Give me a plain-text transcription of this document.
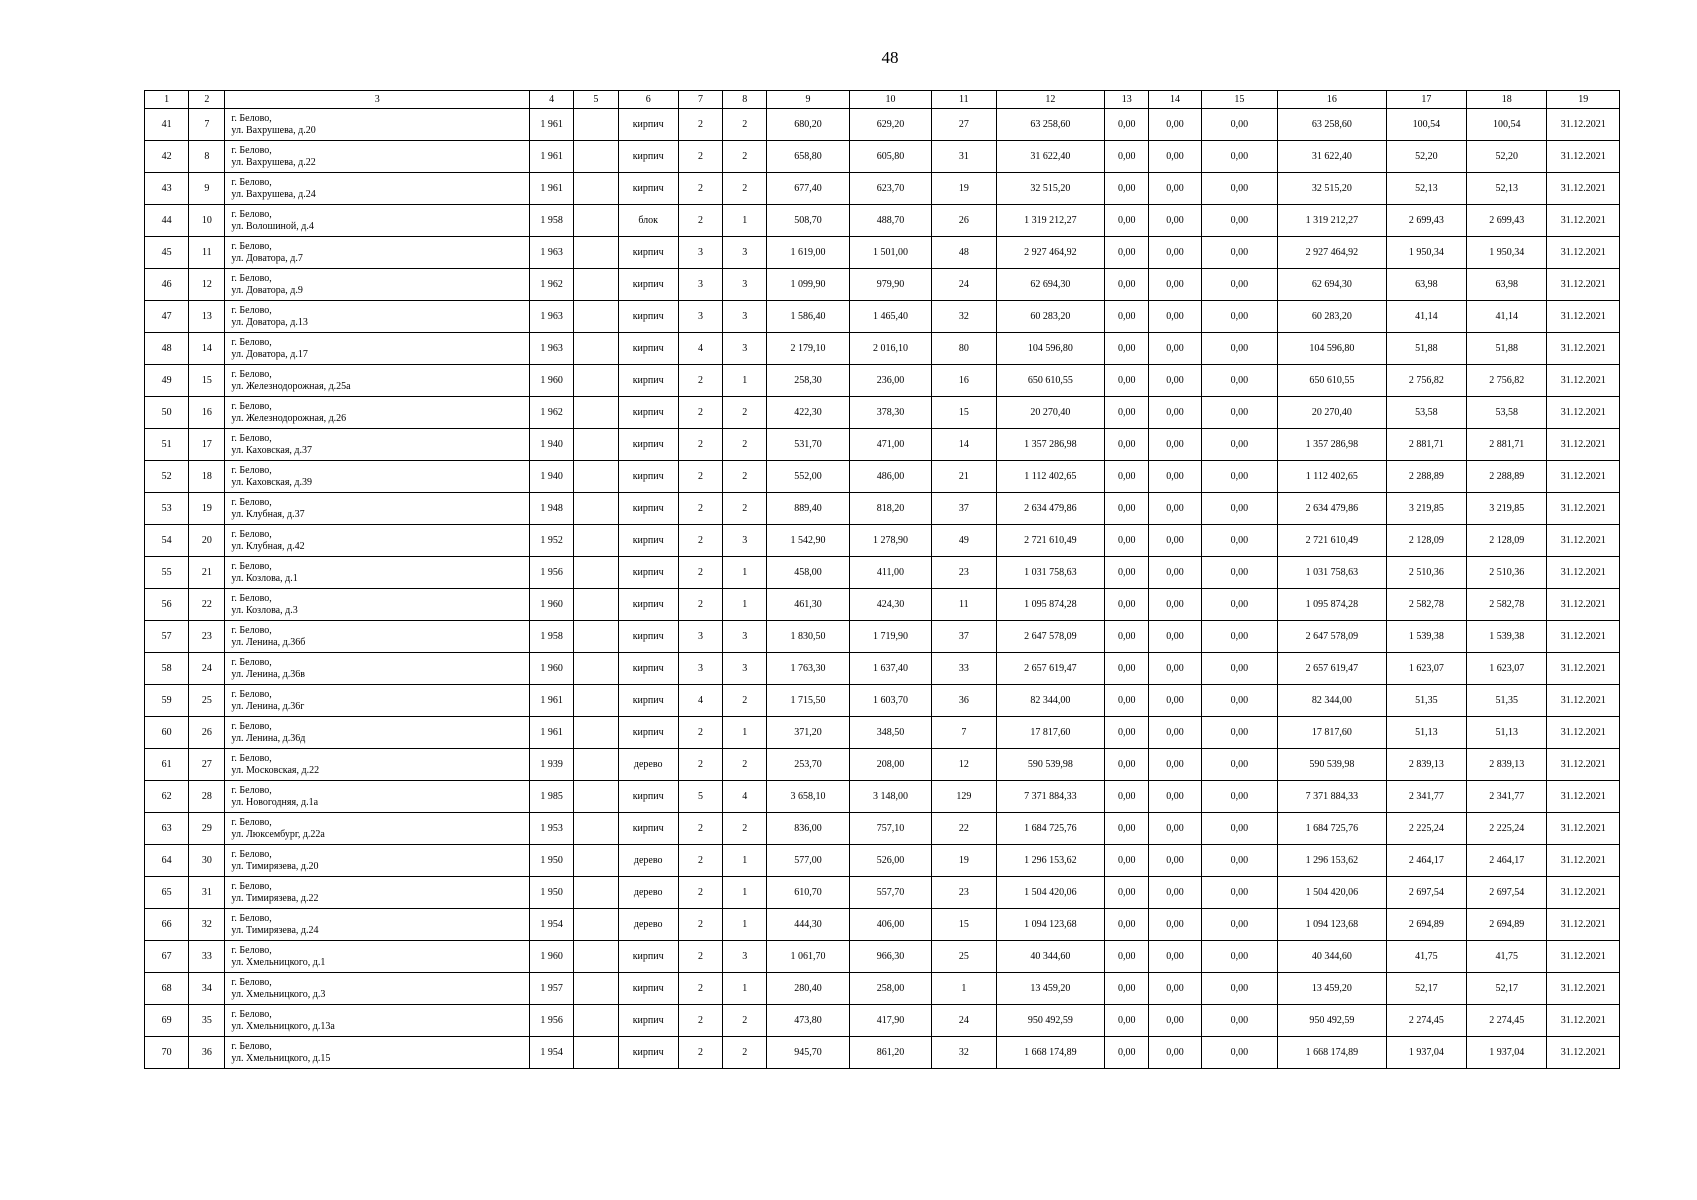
48
1	2	3	4	5	6	7	8	9	10	11	12	13	14	15	16	17	18	19
41	7	г. Белово,
ул. Вахрушева, д.20	1 961		кирпич	2	2	680,20	629,20	27	63 258,60	0,00	0,00	0,00	63 258,60	100,54	100,54	31.12.2021
42	8	г. Белово,
ул. Вахрушева, д.22	1 961		кирпич	2	2	658,80	605,80	31	31 622,40	0,00	0,00	0,00	31 622,40	52,20	52,20	31.12.2021
43	9	г. Белово,
ул. Вахрушева, д.24	1 961		кирпич	2	2	677,40	623,70	19	32 515,20	0,00	0,00	0,00	32 515,20	52,13	52,13	31.12.2021
44	10	г. Белово,
ул. Волошиной, д.4	1 958		блок	2	1	508,70	488,70	26	1 319 212,27	0,00	0,00	0,00	1 319 212,27	2 699,43	2 699,43	31.12.2021
45	11	г. Белово,
ул. Доватора, д.7	1 963		кирпич	3	3	1 619,00	1 501,00	48	2 927 464,92	0,00	0,00	0,00	2 927 464,92	1 950,34	1 950,34	31.12.2021
46	12	г. Белово,
ул. Доватора, д.9	1 962		кирпич	3	3	1 099,90	979,90	24	62 694,30	0,00	0,00	0,00	62 694,30	63,98	63,98	31.12.2021
47	13	г. Белово,
ул. Доватора, д.13	1 963		кирпич	3	3	1 586,40	1 465,40	32	60 283,20	0,00	0,00	0,00	60 283,20	41,14	41,14	31.12.2021
48	14	г. Белово,
ул. Доватора, д.17	1 963		кирпич	4	3	2 179,10	2 016,10	80	104 596,80	0,00	0,00	0,00	104 596,80	51,88	51,88	31.12.2021
49	15	г. Белово,
ул. Железнодорожная, д.25а	1 960		кирпич	2	1	258,30	236,00	16	650 610,55	0,00	0,00	0,00	650 610,55	2 756,82	2 756,82	31.12.2021
50	16	г. Белово,
ул. Железнодорожная, д.26	1 962		кирпич	2	2	422,30	378,30	15	20 270,40	0,00	0,00	0,00	20 270,40	53,58	53,58	31.12.2021
51	17	г. Белово,
ул. Каховская, д.37	1 940		кирпич	2	2	531,70	471,00	14	1 357 286,98	0,00	0,00	0,00	1 357 286,98	2 881,71	2 881,71	31.12.2021
52	18	г. Белово,
ул. Каховская, д.39	1 940		кирпич	2	2	552,00	486,00	21	1 112 402,65	0,00	0,00	0,00	1 112 402,65	2 288,89	2 288,89	31.12.2021
53	19	г. Белово,
ул. Клубная, д.37	1 948		кирпич	2	2	889,40	818,20	37	2 634 479,86	0,00	0,00	0,00	2 634 479,86	3 219,85	3 219,85	31.12.2021
54	20	г. Белово,
ул. Клубная, д.42	1 952		кирпич	2	3	1 542,90	1 278,90	49	2 721 610,49	0,00	0,00	0,00	2 721 610,49	2 128,09	2 128,09	31.12.2021
55	21	г. Белово,
ул. Козлова, д.1	1 956		кирпич	2	1	458,00	411,00	23	1 031 758,63	0,00	0,00	0,00	1 031 758,63	2 510,36	2 510,36	31.12.2021
56	22	г. Белово,
ул. Козлова, д.3	1 960		кирпич	2	1	461,30	424,30	11	1 095 874,28	0,00	0,00	0,00	1 095 874,28	2 582,78	2 582,78	31.12.2021
57	23	г. Белово,
ул. Ленина, д.36б	1 958		кирпич	3	3	1 830,50	1 719,90	37	2 647 578,09	0,00	0,00	0,00	2 647 578,09	1 539,38	1 539,38	31.12.2021
58	24	г. Белово,
ул. Ленина, д.36в	1 960		кирпич	3	3	1 763,30	1 637,40	33	2 657 619,47	0,00	0,00	0,00	2 657 619,47	1 623,07	1 623,07	31.12.2021
59	25	г. Белово,
ул. Ленина, д.36г	1 961		кирпич	4	2	1 715,50	1 603,70	36	82 344,00	0,00	0,00	0,00	82 344,00	51,35	51,35	31.12.2021
60	26	г. Белово,
ул. Ленина, д.36д	1 961		кирпич	2	1	371,20	348,50	7	17 817,60	0,00	0,00	0,00	17 817,60	51,13	51,13	31.12.2021
61	27	г. Белово,
ул. Московская, д.22	1 939		дерево	2	2	253,70	208,00	12	590 539,98	0,00	0,00	0,00	590 539,98	2 839,13	2 839,13	31.12.2021
62	28	г. Белово,
ул. Новогодняя, д.1а	1 985		кирпич	5	4	3 658,10	3 148,00	129	7 371 884,33	0,00	0,00	0,00	7 371 884,33	2 341,77	2 341,77	31.12.2021
63	29	г. Белово,
ул. Люксембург, д.22а	1 953		кирпич	2	2	836,00	757,10	22	1 684 725,76	0,00	0,00	0,00	1 684 725,76	2 225,24	2 225,24	31.12.2021
64	30	г. Белово,
ул. Тимирязева, д.20	1 950		дерево	2	1	577,00	526,00	19	1 296 153,62	0,00	0,00	0,00	1 296 153,62	2 464,17	2 464,17	31.12.2021
65	31	г. Белово,
ул. Тимирязева, д.22	1 950		дерево	2	1	610,70	557,70	23	1 504 420,06	0,00	0,00	0,00	1 504 420,06	2 697,54	2 697,54	31.12.2021
66	32	г. Белово,
ул. Тимирязева, д.24	1 954		дерево	2	1	444,30	406,00	15	1 094 123,68	0,00	0,00	0,00	1 094 123,68	2 694,89	2 694,89	31.12.2021
67	33	г. Белово,
ул. Хмельницкого, д.1	1 960		кирпич	2	3	1 061,70	966,30	25	40 344,60	0,00	0,00	0,00	40 344,60	41,75	41,75	31.12.2021
68	34	г. Белово,
ул. Хмельницкого, д.3	1 957		кирпич	2	1	280,40	258,00	1	13 459,20	0,00	0,00	0,00	13 459,20	52,17	52,17	31.12.2021
69	35	г. Белово,
ул. Хмельницкого, д.13а	1 956		кирпич	2	2	473,80	417,90	24	950 492,59	0,00	0,00	0,00	950 492,59	2 274,45	2 274,45	31.12.2021
70	36	г. Белово,
ул. Хмельницкого, д.15	1 954		кирпич	2	2	945,70	861,20	32	1 668 174,89	0,00	0,00	0,00	1 668 174,89	1 937,04	1 937,04	31.12.2021
